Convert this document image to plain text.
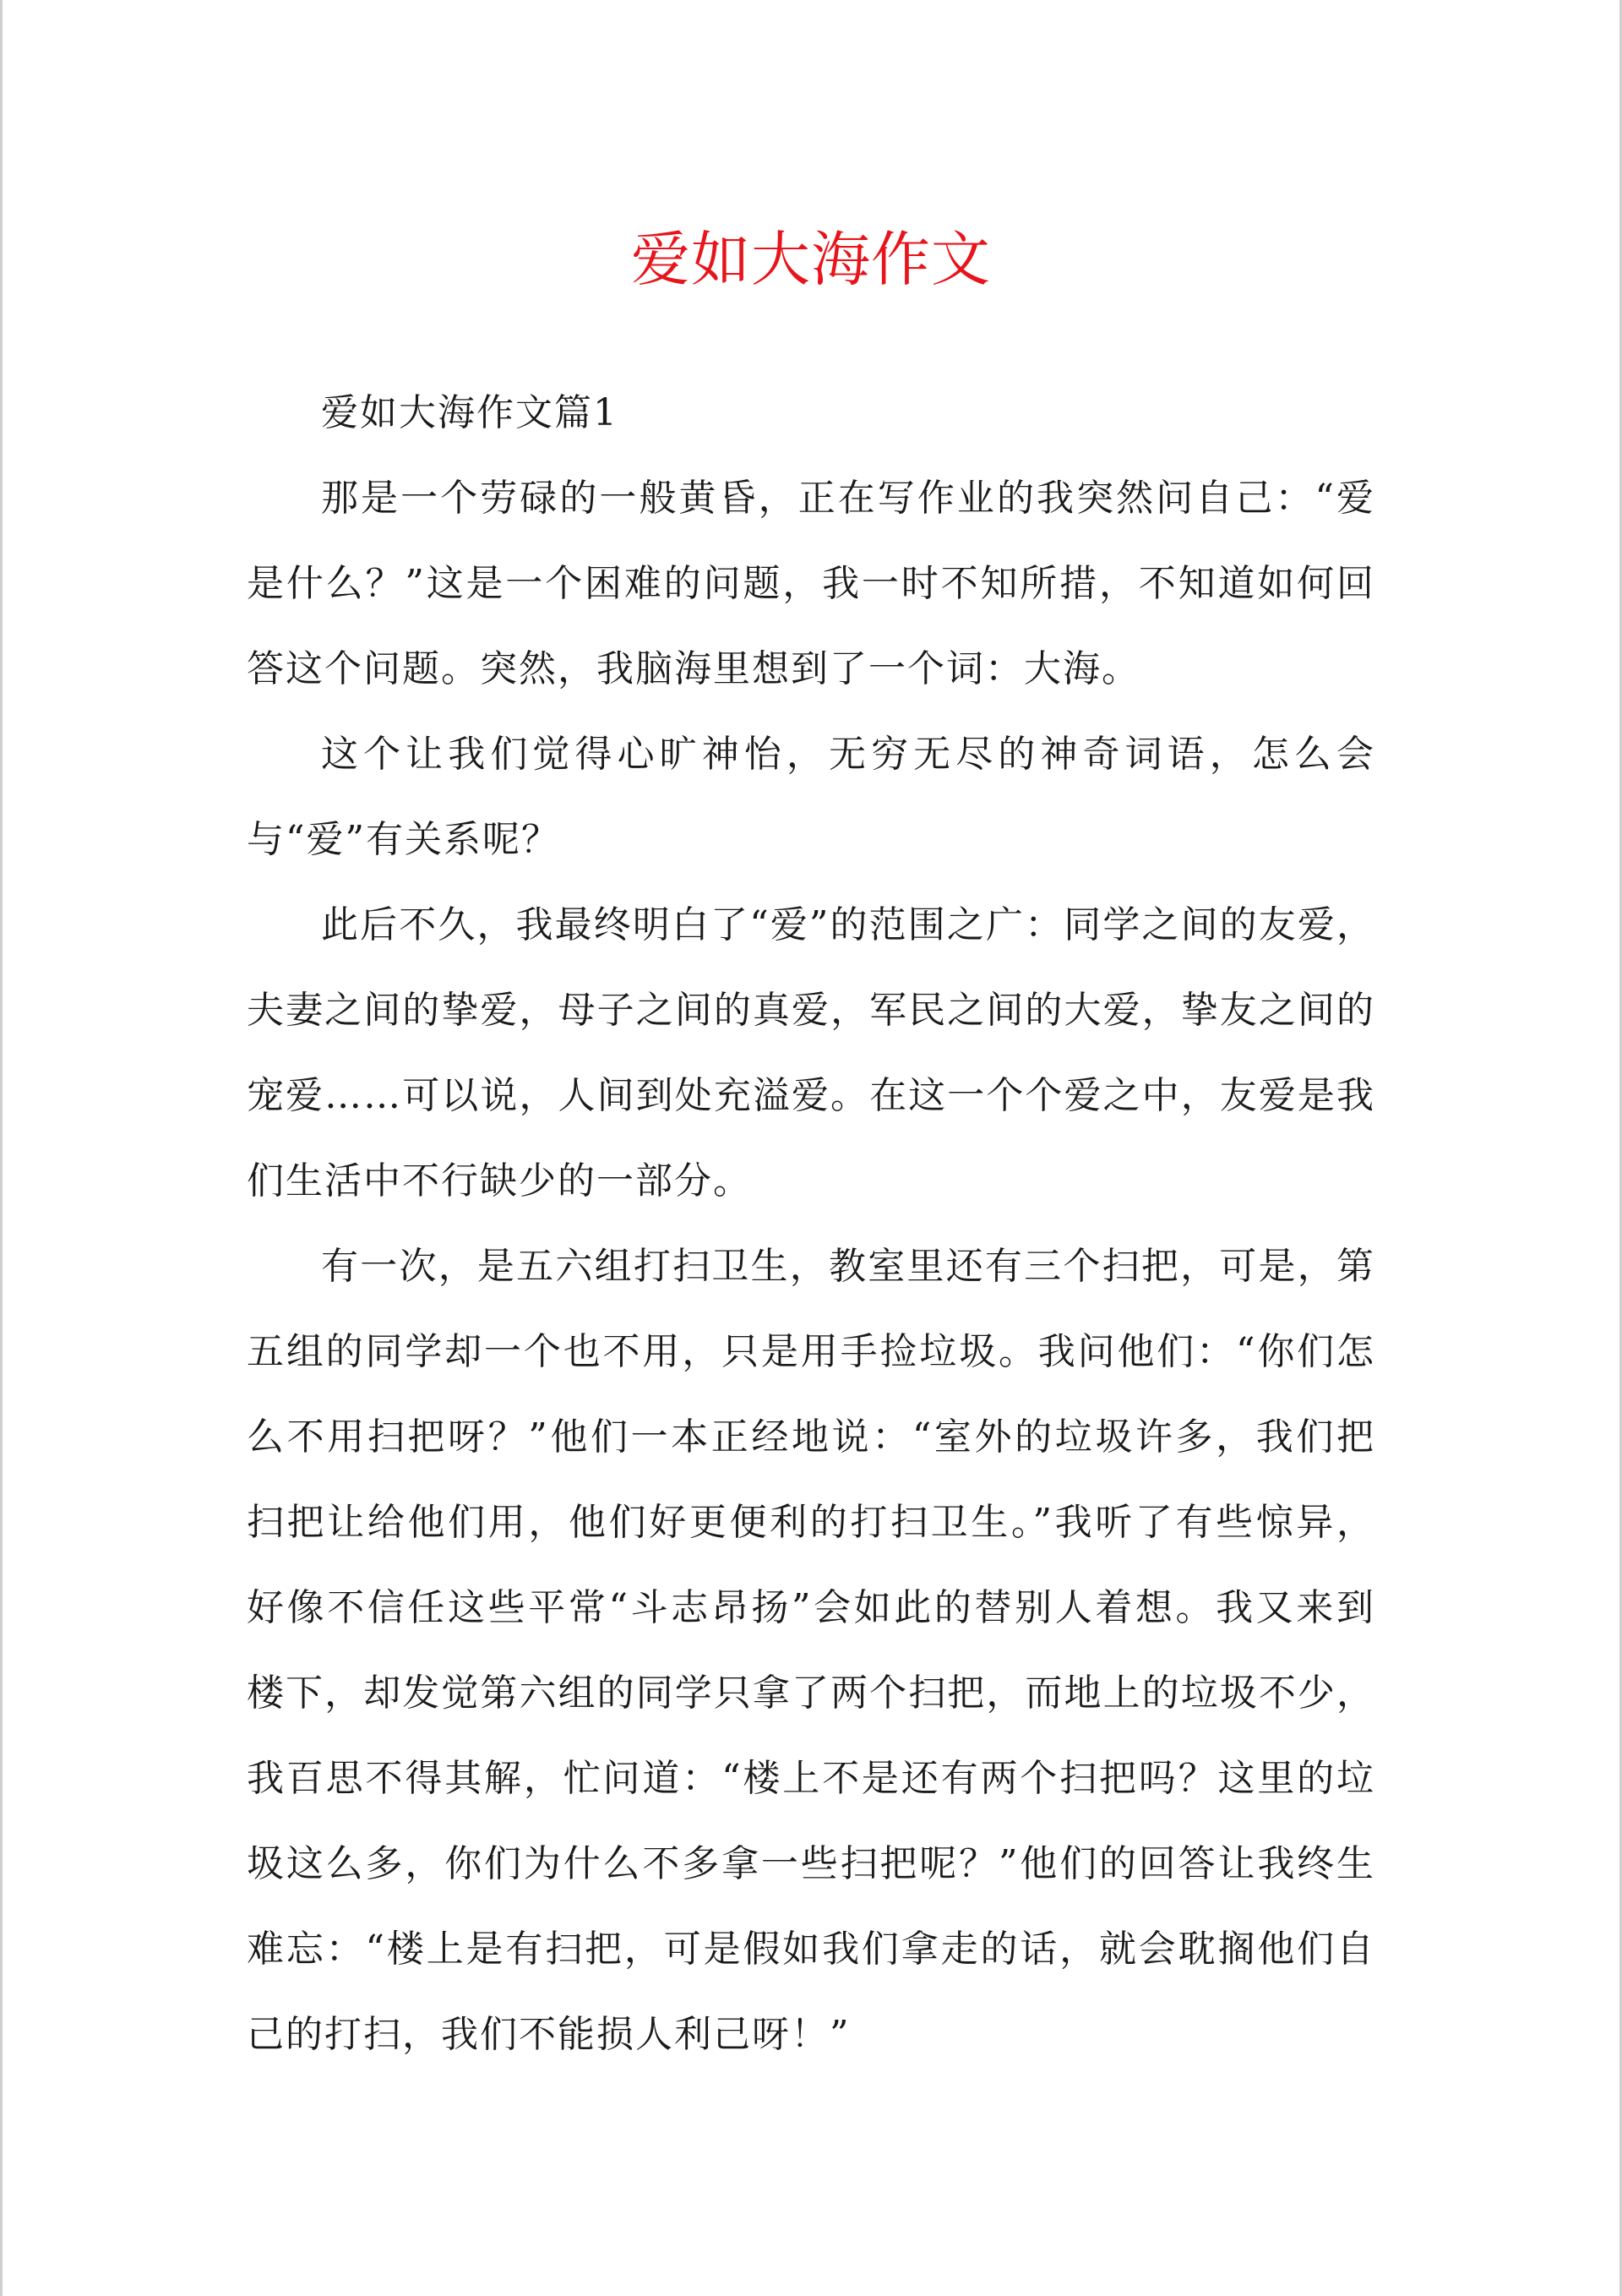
爱如大海作文
爱如大海作文篇1

那是一个劳碌的一般黄昏，正在写作业的我突然问自己：“爱是什么？”这是一个困难的问题，我一时不知所措，不知道如何回答这个问题。突然，我脑海里想到了一个词：大海。

这个让我们觉得心旷神怡，无穷无尽的神奇词语，怎么会与“爱”有关系呢？

此后不久，我最终明白了“爱”的范围之广：同学之间的友爱，夫妻之间的挚爱，母子之间的真爱，军民之间的大爱，挚友之间的宠爱……可以说，人间到处充溢爱。在这一个个爱之中，友爱是我们生活中不行缺少的一部分。

有一次，是五六组打扫卫生，教室里还有三个扫把，可是，第五组的同学却一个也不用，只是用手捡垃圾。我问他们：“你们怎么不用扫把呀？”他们一本正经地说：“室外的垃圾许多，我们把扫把让给他们用，他们好更便利的打扫卫生。”我听了有些惊异，好像不信任这些平常“斗志昂扬”会如此的替别人着想。我又来到楼下，却发觉第六组的同学只拿了两个扫把，而地上的垃圾不少，我百思不得其解，忙问道：“楼上不是还有两个扫把吗？这里的垃圾这么多，你们为什么不多拿一些扫把呢？”他们的回答让我终生难忘：“楼上是有扫把，可是假如我们拿走的话，就会耽搁他们自己的打扫，我们不能损人利己呀！”
